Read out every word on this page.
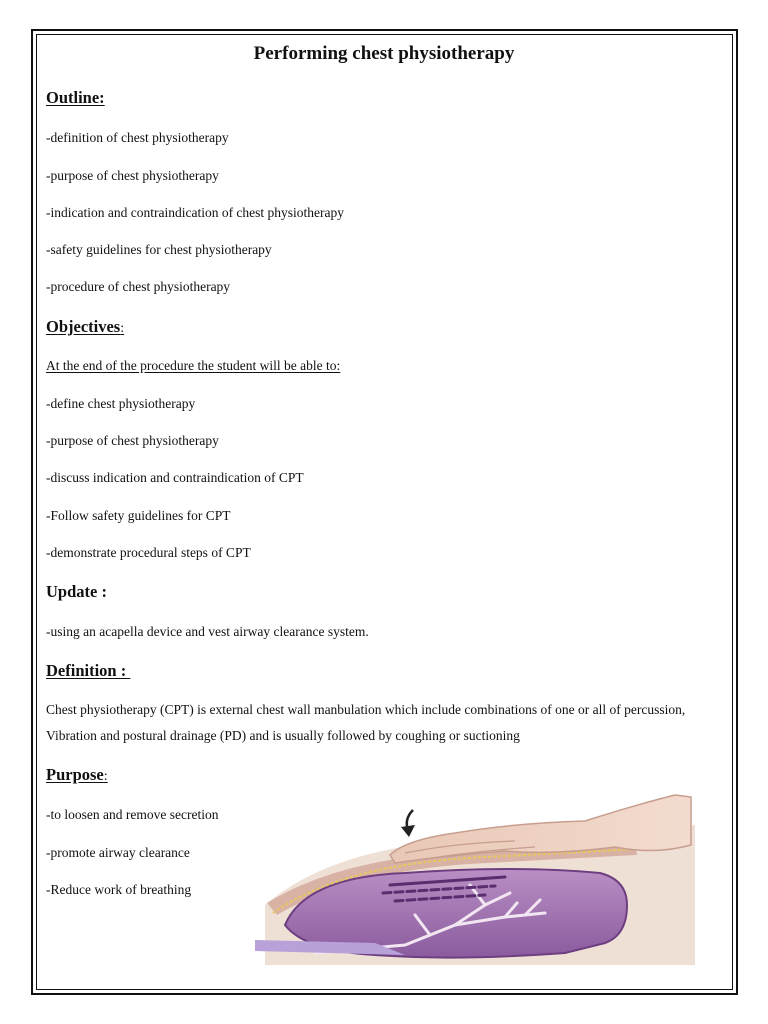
Performing chest physiotherapy
Outline:
-definition of chest physiotherapy
-purpose of chest physiotherapy
-indication and contraindication of chest physiotherapy
-safety guidelines for chest physiotherapy
-procedure of chest physiotherapy
Objectives:
At the end of the procedure the student will be able to:
-define chest physiotherapy
-purpose of chest physiotherapy
-discuss indication and contraindication of CPT
-Follow safety guidelines for CPT
-demonstrate procedural steps of CPT
Update :
-using an acapella device and vest airway clearance system.
Definition :
Chest physiotherapy (CPT) is external chest wall manbulation which include combinations of one or all of percussion, Vibration and postural drainage (PD) and is usually followed by coughing or suctioning
Purpose:
-to loosen and remove secretion
-promote airway clearance
-Reduce work of breathing
